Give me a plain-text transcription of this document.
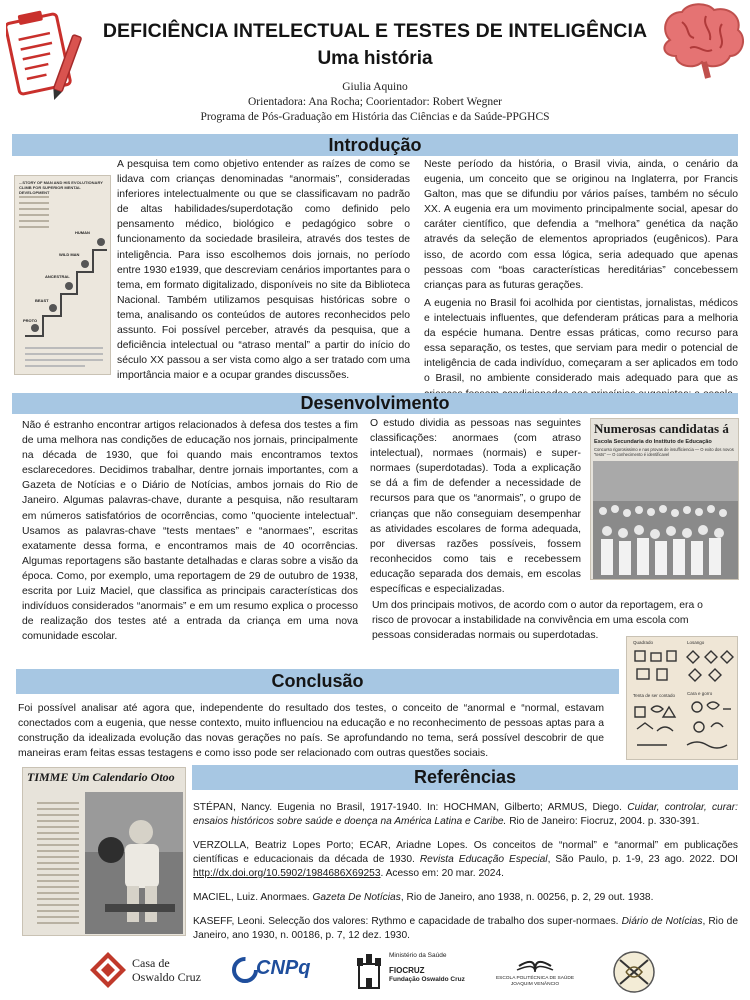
DEFICIÊNCIA INTELECTUAL E TESTES DE INTELIGÊNCIA
Uma história
Giulia Aquino
Orientadora: Ana Rocha; Coorientador: Robert Wegner
Programa de Pós-Graduação em História das Ciências e da Saúde-PPGHCS
Introdução
...STORY OF MAN AND HIS EVOLUTIONARY CLIMB FOR SUPERIOR MENTAL DEVELOPMENT
HUMAN
WILD MAN
ANCESTRAL
BEAST
PROTO
A pesquisa tem como objetivo entender as raízes de como se lidava com crianças denominadas “anormais”, consideradas inferiores intelectualmente ou que se classificavam no padrão de altas habilidades/superdotação como definido pelo pensamento médico, biológico e pedagógico sobre o funcionamento da sociedade brasileira, através dos testes de inteligência. Para isso escolhemos dois jornais, no período entre 1930 e1939, que descreviam cenários importantes para o tema, em formato digitalizado, disponíveis no site da Biblioteca Nacional. Também utilizamos pesquisas históricas sobre o tema, analisando os conteúdos de autores reconhecidos pelo assunto. Foi possível perceber, através da pesquisa, que a deficiência intelectual ou “atraso mental” a partir do início do século XX passou a ser vista como algo a ser tratado com uma importância maior e a ocupar grandes discussões.
Neste período da história, o Brasil vivia, ainda, o cenário da eugenia, um conceito que se originou na Inglaterra, por Francis Galton, mas que se difundiu por vários países, também no século XX. A eugenia era um movimento principalmente social, apesar do caráter científico, que defendia a “melhora” genética da nação através da seleção de elementos apropriados (eugênicos). Para isso, de acordo com essa lógica, seria adequado que apenas pessoas com “boas características hereditárias” concebessem crianças para as futuras gerações.
A eugenia no Brasil foi acolhida por cientistas, jornalistas, médicos e intelectuais influentes, que defenderam práticas para a melhoria da espécie humana. Dentre essas práticas, como recurso para essa separação, os testes, que serviam para medir o potencial de inteligência de cada indivíduo, começaram a ser aplicados em todo o Brasil, no ambiente considerado mais adequado para que as
Desenvolvimento
Não é estranho encontrar artigos relacionados à defesa dos testes a fim de uma melhora nas condições de educação nos jornais, principalmente na década de 1930, que foi quando mais encontramos textos esclarecedores. Decidimos trabalhar, dentre jornais importantes, com a Gazeta de Notícias e o Diário de Notícias, ambos jornais do Rio de Janeiro. Algumas palavras-chave, durante a pesquisa, não resultaram em números satisfatórios de ocorrências, como "quociente intelectual". Usamos as palavras-chave “tests mentaes” e “anormaes”, escritas exatamente dessa forma, e encontramos mais de 40 ocorrências. Algumas reportagens são bastante detalhadas e claras sobre a visão da época. Como, por exemplo, uma reportagem de 29 de outubro de 1938, escrita por Luiz Maciel, que classifica as principais características dos indivíduos considerados “anormais” e em um resumo explica o processo de realização dos testes até a entrada da criança em uma nova comunidade escolar.
O estudo dividia as pessoas nas seguintes classificações: anormaes (com atraso intelectual), normaes (normais) e super-normaes (superdotadas). Toda a explicação se dá a fim de defender a necessidade de recursos para que os “anormais”, o grupo de crianças que não conseguiam desempenhar as atividades escolares de forma adequada, por diversas razões possíveis, fossem reconhecidos como tais e recebessem educação separada dos demais, em escolas específicas e especializadas.
Um dos principais motivos, de acordo com o autor da reportagem, era o risco de provocar a instabilidade na convivência em uma escola com pessoas consideradas normais ou superdotadas.
Numerosas candidatas á
Escola Secundaria do Instituto de Educação
Concurso rigorosissimo e nas provas de insufficiencia — O exito dos novos “tests” — O conhecimento é identificavel
Quadrado	Losango
Cara e gorro
Tenta de ser contado
Conclusão
Foi possível analisar até agora que, independente do resultado dos testes, o conceito de “anormal e “normal, estavam conectados com a eugenia, que nesse contexto, muito influenciou na educação e no reconhecimento de pessoas aptas para a construção da idealizada evolução das novas gerações no país. Se aprofundando no tema, será possível descobrir de que maneiras eram feitas essas testagens e como isso pode ser relacionado com outras questões sociais.
Referências
TIMME Um Calendario Otoo
STÉPAN, Nancy. Eugenia no Brasil, 1917-1940. In: HOCHMAN, Gilberto; ARMUS, Diego. Cuidar, controlar, curar: ensaios históricos sobre saúde e doença na América Latina e Caribe. Rio de Janeiro: Fiocruz, 2004. p. 330-391.
VERZOLLA, Beatriz Lopes Porto; ECAR, Ariadne Lopes. Os conceitos de “normal” e “anormal” em publicações científicas e educacionais da década de 1930. Revista Educação Especial, São Paulo, p. 1-9, 23 ago. 2022. DOI http://dx.doi.org/10.5902/1984686X69253. Acesso em: 20 mar. 2024.
MACIEL, Luiz. Anormaes. Gazeta De Notícias, Rio de Janeiro, ano 1938, n. 00256, p. 2, 29 out. 1938.
KASEFF, Leoni. Selecção dos valores: Rythmo e capacidade de trabalho dos super-normaes. Diário de Notícias, Rio de Janeiro, ano 1930, n. 00186, p. 7, 12 dez. 1930.
Casa de
Oswaldo Cruz	CNPq
Ministério da Saúde
FIOCRUZ
Fundação Oswaldo Cruz	ESCOLA POLITÉCNICA DE SAÚDE
JOAQUIM VENÂNCIO
